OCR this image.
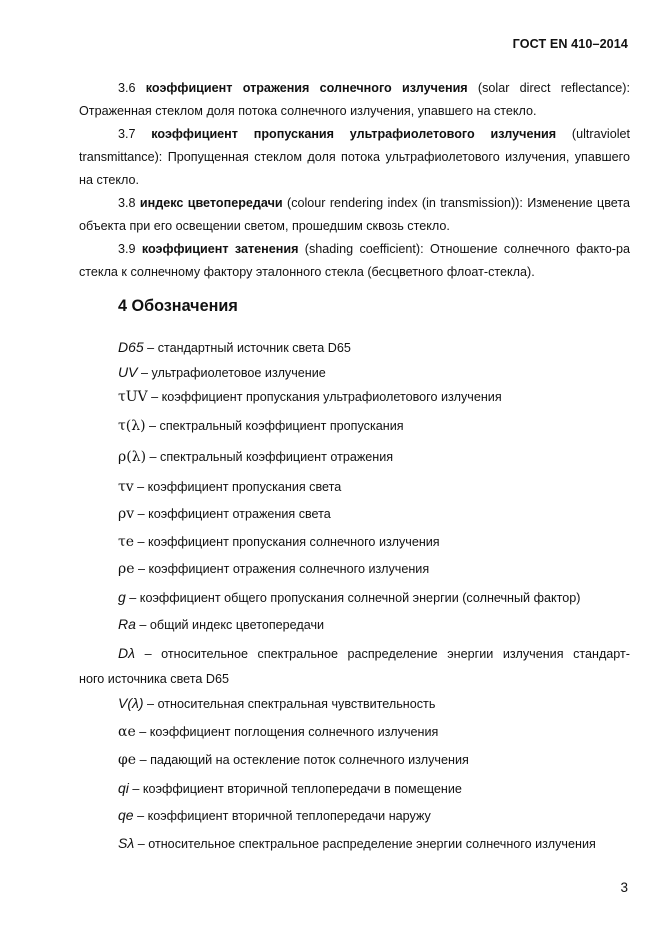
ГОСТ EN 410–2014
3.6 коэффициент отражения солнечного излучения (solar direct reflectance): Отраженная стеклом доля потока солнечного излучения, упавшего на стекло.
3.7 коэффициент пропускания ультрафиолетового излучения (ultraviolet transmittance): Пропущенная стеклом доля потока ультрафиолетового излучения, упавшего на стекло.
3.8 индекс цветопередачи (colour rendering index (in transmission)): Изменение цвета объекта при его освещении светом, прошедшим сквозь стекло.
3.9 коэффициент затенения (shading coefficient): Отношение солнечного факто-ра стекла к солнечному фактору эталонного стекла (бесцветного флоат-стекла).
4 Обозначения
D65 – стандартный источник света D65
UV – ультрафиолетовое излучение
τUV – коэффициент пропускания ультрафиолетового излучения
τ(λ) – спектральный коэффициент пропускания
ρ(λ) – спектральный коэффициент отражения
τv – коэффициент пропускания света
ρv – коэффициент отражения света
τe – коэффициент пропускания солнечного излучения
ρe – коэффициент отражения солнечного излучения
g – коэффициент общего пропускания солнечной энергии (солнечный фактор)
Ra – общий индекс цветопередачи
Dλ – относительное спектральное распределение энергии излучения стандарт-
ного источника света D65
V(λ) – относительная спектральная чувствительность
αe – коэффициент поглощения солнечного излучения
φe – падающий на остекление поток солнечного излучения
qi – коэффициент вторичной теплопередачи в помещение
qe – коэффициент вторичной теплопередачи наружу
Sλ – относительное спектральное распределение энергии солнечного излучения
3
